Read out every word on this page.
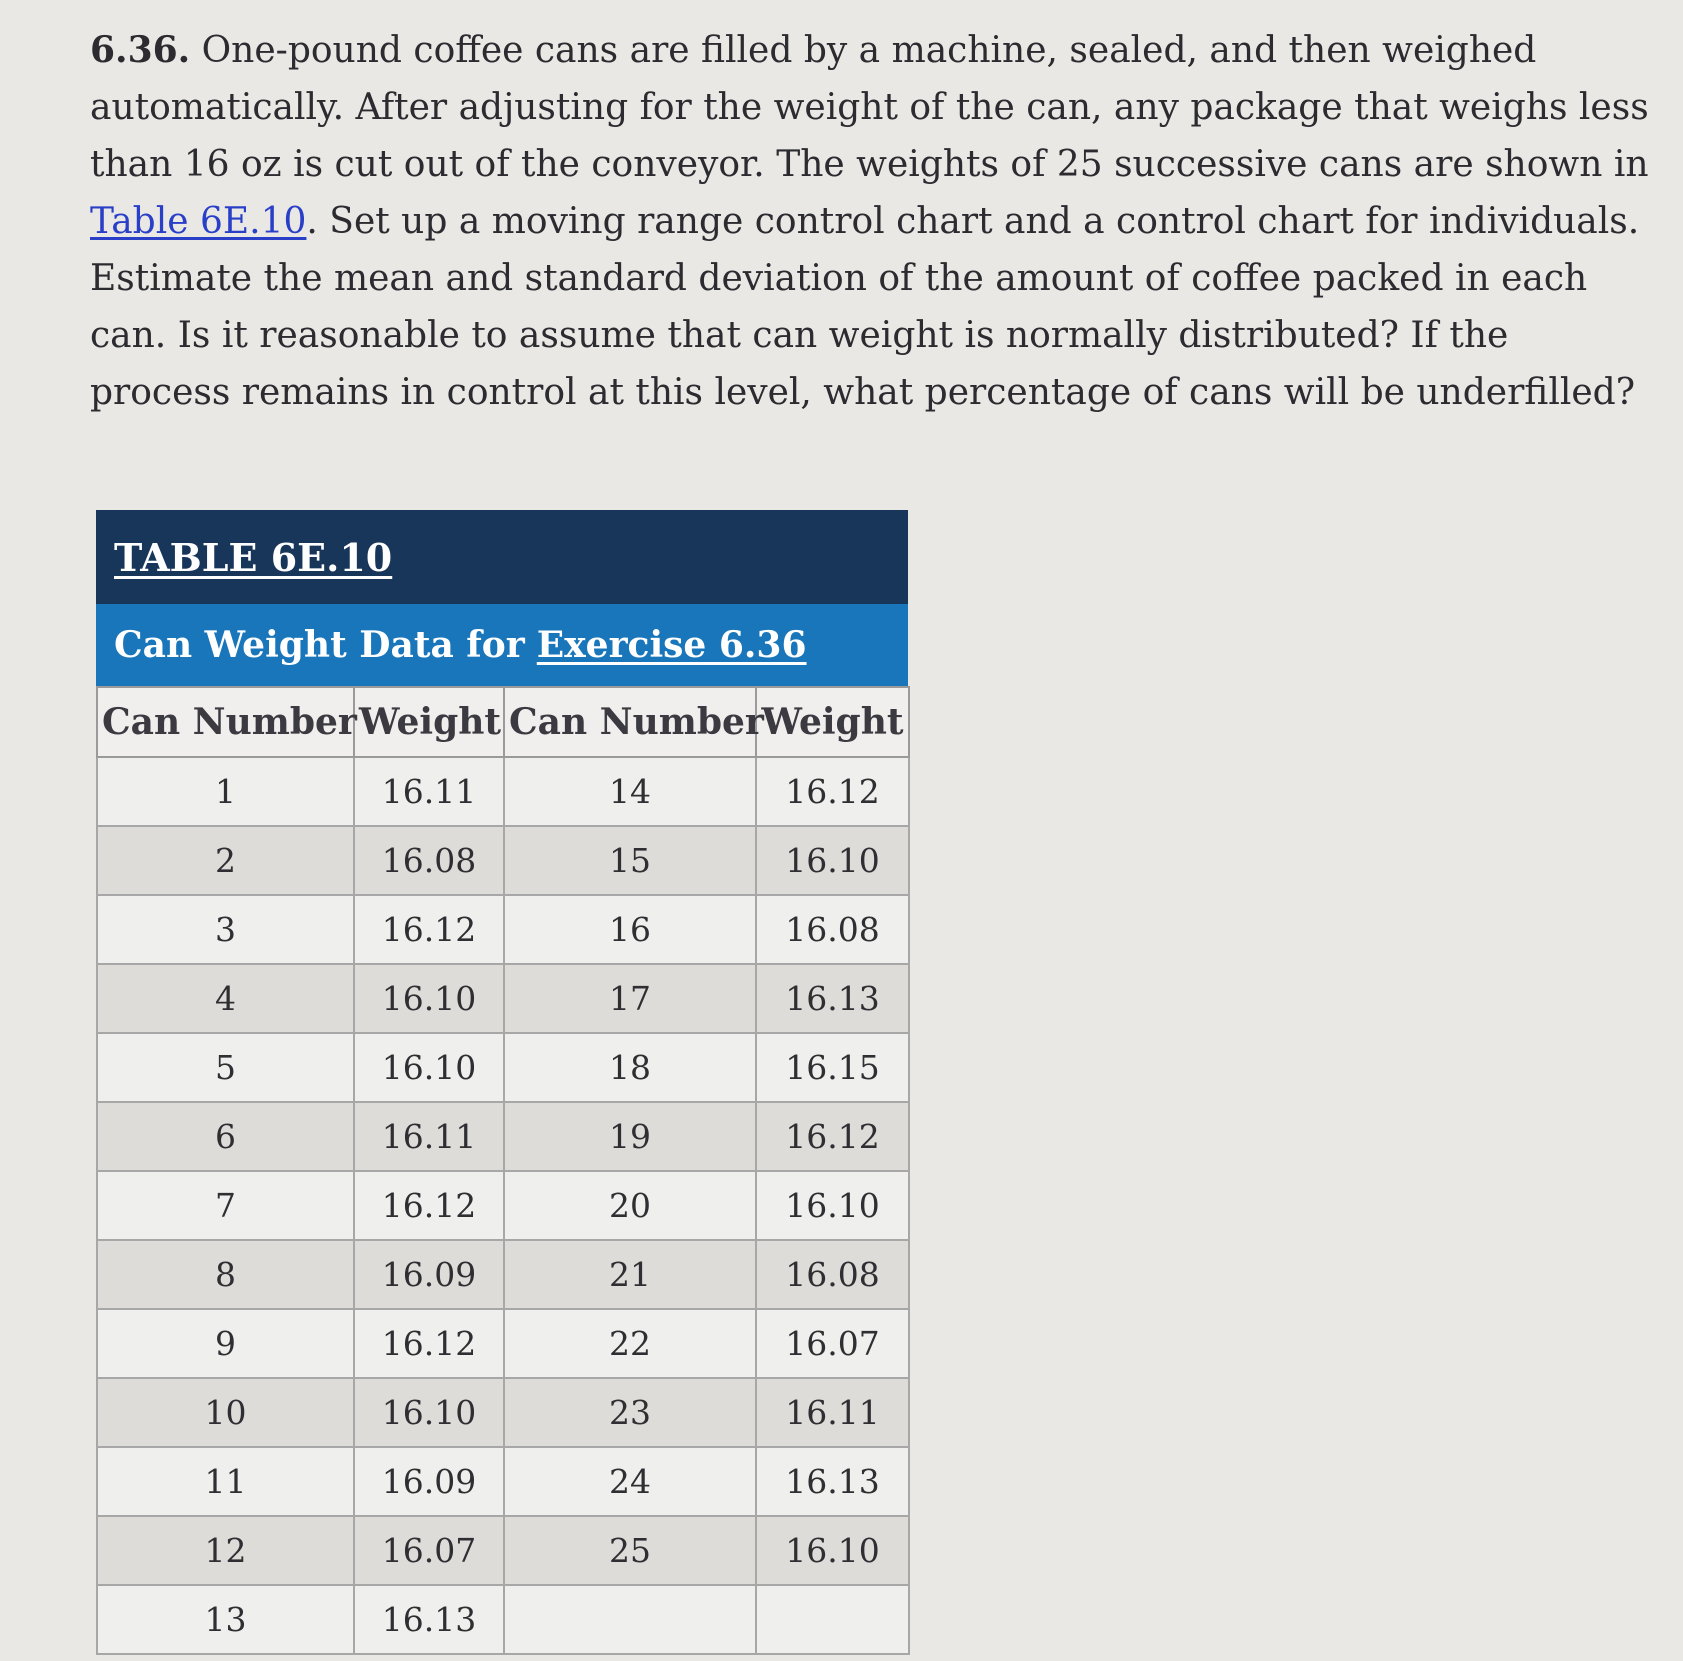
6.36. One-pound coffee cans are filled by a machine, sealed, and then weighed automatically. After adjusting for the weight of the can, any package that weighs less than 16 oz is cut out of the conveyor. The weights of 25 successive cans are shown in Table 6E.10. Set up a moving range control chart and a control chart for individuals. Estimate the mean and standard deviation of the amount of coffee packed in each can. Is it reasonable to assume that can weight is normally distributed? If the process remains in control at this level, what percentage of cans will be underfilled?
TABLE 6E.10
Can Weight Data for Exercise 6.36
Can Number	Weight	Can Number	Weight
1	16.11	14	16.12
2	16.08	15	16.10
3	16.12	16	16.08
4	16.10	17	16.13
5	16.10	18	16.15
6	16.11	19	16.12
7	16.12	20	16.10
8	16.09	21	16.08
9	16.12	22	16.07
10	16.10	23	16.11
11	16.09	24	16.13
12	16.07	25	16.10
13	16.13		
